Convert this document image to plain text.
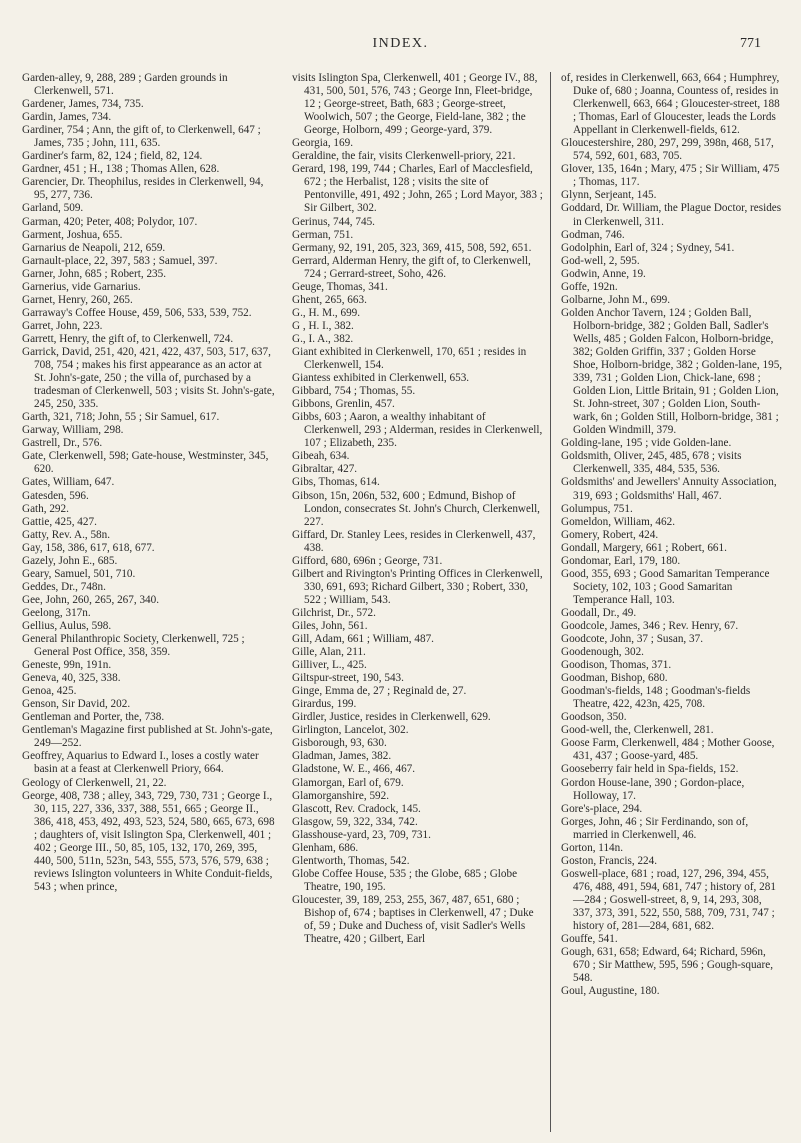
INDEX.	771

Garden-alley, 9, 288, 289 ; Garden grounds in Clerkenwell, 571.

Gardener, James, 734, 735.

Gardin, James, 734.

Gardiner, 754 ; Ann, the gift of, to Clerkenwell, 647 ; James, 735 ; John, 111, 635.

Gardiner's farm, 82, 124 ; field, 82, 124.

Gardner, 451 ; H., 138 ; Thomas Allen, 628.

Garencier, Dr. Theophilus, resides in Clerkenwell, 94, 95, 277, 736.

Garland, 509.

Garman, 420; Peter, 408; Polydor, 107.

Garment, Joshua, 655.

Garnarius de Neapoli, 212, 659.

Garnault-place, 22, 397, 583 ; Samuel, 397.

Garner, John, 685 ; Robert, 235.

Garnerius, vide Garnarius.

Garnet, Henry, 260, 265.

Garraway's Coffee House, 459, 506, 533, 539, 752.

Garret, John, 223.

Garrett, Henry, the gift of, to Clerkenwell, 724.

Garrick, David, 251, 420, 421, 422, 437, 503, 517, 637, 708, 754 ; makes his first appearance as an actor at St. John's-gate, 250 ; the villa of, purchased by a tradesman of Clerkenwell, 503 ; visits St. John's-gate, 245, 250, 335.

Garth, 321, 718; John, 55 ; Sir Samuel, 617.

Garway, William, 298.

Gastrell, Dr., 576.

Gate, Clerkenwell, 598; Gate-house, Westminster, 345, 620.

Gates, William, 647.

Gatesden, 596.

Gath, 292.

Gattie, 425, 427.

Gatty, Rev. A., 58n.

Gay, 158, 386, 617, 618, 677.

Gazely, John E., 685.

Geary, Samuel, 501, 710.

Geddes, Dr., 748n.

Gee, John, 260, 265, 267, 340.

Geelong, 317n.

Gellius, Aulus, 598.

General Philanthropic Society, Clerkenwell, 725 ; General Post Office, 358, 359.

Geneste, 99n, 191n.

Geneva, 40, 325, 338.

Genoa, 425.

Genson, Sir David, 202.

Gentleman and Porter, the, 738.

Gentleman's Magazine first published at St. John's-gate, 249—252.

Geoffrey, Aquarius to Edward I., loses a costly water basin at a feast at Clerkenwell Priory, 664.

Geology of Clerkenwell, 21, 22.

George, 408, 738 ; alley, 343, 729, 730, 731 ; George I., 30, 115, 227, 336, 337, 388, 551, 665 ; George II., 386, 418, 453, 492, 493, 523, 524, 580, 665, 673, 698 ; daughters of, visit Islington Spa, Clerkenwell, 401 ; 402 ; George III., 50, 85, 105, 132, 170, 269, 395, 440, 500, 511n, 523n, 543, 555, 573, 576, 579, 638 ; reviews Islington volunteers in White Conduit-fields, 543 ; when prince,

visits Islington Spa, Clerkenwell, 401 ; George IV., 88, 431, 500, 501, 576, 743 ; George Inn, Fleet-bridge, 12 ; George-street, Bath, 683 ; George-street, Woolwich, 507 ; the George, Field-lane, 382 ; the George, Holborn, 499 ; George-yard, 379.

Georgia, 169.

Geraldine, the fair, visits Clerkenwell-priory, 221.

Gerard, 198, 199, 744 ; Charles, Earl of Macclesfield, 672 ; the Herbalist, 128 ; visits the site of Pentonville, 491, 492 ; John, 265 ; Lord Mayor, 383 ; Sir Gilbert, 302.

Gerinus, 744, 745.

German, 751.

Germany, 92, 191, 205, 323, 369, 415, 508, 592, 651.

Gerrard, Alderman Henry, the gift of, to Clerkenwell, 724 ; Gerrard-street, Soho, 426.

Geuge, Thomas, 341.

Ghent, 265, 663.

G., H. M., 699.

G , H. I., 382.

G., I. A., 382.

Giant exhibited in Clerkenwell, 170, 651 ; resides in Clerkenwell, 154.

Giantess exhibited in Clerkenwell, 653.

Gibbard, 754 ; Thomas, 55.

Gibbons, Grenlin, 457.

Gibbs, 603 ; Aaron, a wealthy inhabitant of Clerkenwell, 293 ; Alderman, resides in Clerkenwell, 107 ; Elizabeth, 235.

Gibeah, 634.

Gibraltar, 427.

Gibs, Thomas, 614.

Gibson, 15n, 206n, 532, 600 ; Edmund, Bishop of London, consecrates St. John's Church, Clerkenwell, 227.

Giffard, Dr. Stanley Lees, resides in Clerkenwell, 437, 438.

Gifford, 680, 696n ; George, 731.

Gilbert and Rivington's Printing Offices in Clerkenwell, 330, 691, 693; Richard Gilbert, 330 ; Robert, 330, 522 ; William, 543.

Gilchrist, Dr., 572.

Giles, John, 561.

Gill, Adam, 661 ; William, 487.

Gille, Alan, 211.

Gilliver, L., 425.

Giltspur-street, 190, 543.

Ginge, Emma de, 27 ; Reginald de, 27.

Girardus, 199.

Girdler, Justice, resides in Clerkenwell, 629.

Girlington, Lancelot, 302.

Gisborough, 93, 630.

Gladman, James, 382.

Gladstone, W. E., 466, 467.

Glamorgan, Earl of, 679.

Glamorganshire, 592.

Glascott, Rev. Cradock, 145.

Glasgow, 59, 322, 334, 742.

Glasshouse-yard, 23, 709, 731.

Glenham, 686.

Glentworth, Thomas, 542.

Globe Coffee House, 535 ; the Globe, 685 ; Globe Theatre, 190, 195.

Gloucester, 39, 189, 253, 255, 367, 487, 651, 680 ; Bishop of, 674 ; baptises in Clerkenwell, 47 ; Duke of, 59 ; Duke and Duchess of, visit Sadler's Wells Theatre, 420 ; Gilbert, Earl

of, resides in Clerkenwell, 663, 664 ; Humphrey, Duke of, 680 ; Joanna, Countess of, resides in Clerkenwell, 663, 664 ; Gloucester-street, 188 ; Thomas, Earl of Gloucester, leads the Lords Appellant in Clerkenwell-fields, 612.

Gloucestershire, 280, 297, 299, 398n, 468, 517, 574, 592, 601, 683, 705.

Glover, 135, 164n ; Mary, 475 ; Sir William, 475 ; Thomas, 117.

Glynn, Serjeant, 145.

Goddard, Dr. William, the Plague Doctor, resides in Clerkenwell, 311.

Godman, 746.

Godolphin, Earl of, 324 ; Sydney, 541.

God-well, 2, 595.

Godwin, Anne, 19.

Goffe, 192n.

Golbarne, John M., 699.

Golden Anchor Tavern, 124 ; Golden Ball, Holborn-bridge, 382 ; Golden Ball, Sadler's Wells, 485 ; Golden Falcon, Holborn-bridge, 382; Golden Griffin, 337 ; Golden Horse Shoe, Holborn-bridge, 382 ; Golden-lane, 195, 339, 731 ; Golden Lion, Chick-lane, 698 ; Golden Lion, Little Britain, 91 ; Golden Lion, St. John-street, 307 ; Golden Lion, South-wark, 6n ; Golden Still, Holborn-bridge, 381 ; Golden Windmill, 379.

Golding-lane, 195 ; vide Golden-lane.

Goldsmith, Oliver, 245, 485, 678 ; visits Clerkenwell, 335, 484, 535, 536.

Goldsmiths' and Jewellers' Annuity Association, 319, 693 ; Goldsmiths' Hall, 467.

Golumpus, 751.

Gomeldon, William, 462.

Gomery, Robert, 424.

Gondall, Margery, 661 ; Robert, 661.

Gondomar, Earl, 179, 180.

Good, 355, 693 ; Good Samaritan Temperance Society, 102, 103 ; Good Samaritan Temperance Hall, 103.

Goodall, Dr., 49.

Goodcole, James, 346 ; Rev. Henry, 67.

Goodcote, John, 37 ; Susan, 37.

Goodenough, 302.

Goodison, Thomas, 371.

Goodman, Bishop, 680.

Goodman's-fields, 148 ; Goodman's-fields Theatre, 422, 423n, 425, 708.

Goodson, 350.

Good-well, the, Clerkenwell, 281.

Goose Farm, Clerkenwell, 484 ; Mother Goose, 431, 437 ; Goose-yard, 485.

Gooseberry fair held in Spa-fields, 152.

Gordon House-lane, 390 ; Gordon-place, Holloway, 17.

Gore's-place, 294.

Gorges, John, 46 ; Sir Ferdinando, son of, married in Clerkenwell, 46.

Gorton, 114n.

Goston, Francis, 224.

Goswell-place, 681 ; road, 127, 296, 394, 455, 476, 488, 491, 594, 681, 747 ; history of, 281—284 ; Goswell-street, 8, 9, 14, 293, 308, 337, 373, 391, 522, 550, 588, 709, 731, 747 ; history of, 281—284, 681, 682.

Gouffe, 541.

Gough, 631, 658; Edward, 64; Richard, 596n, 670 ; Sir Matthew, 595, 596 ; Gough-square, 548.

Goul, Augustine, 180.
